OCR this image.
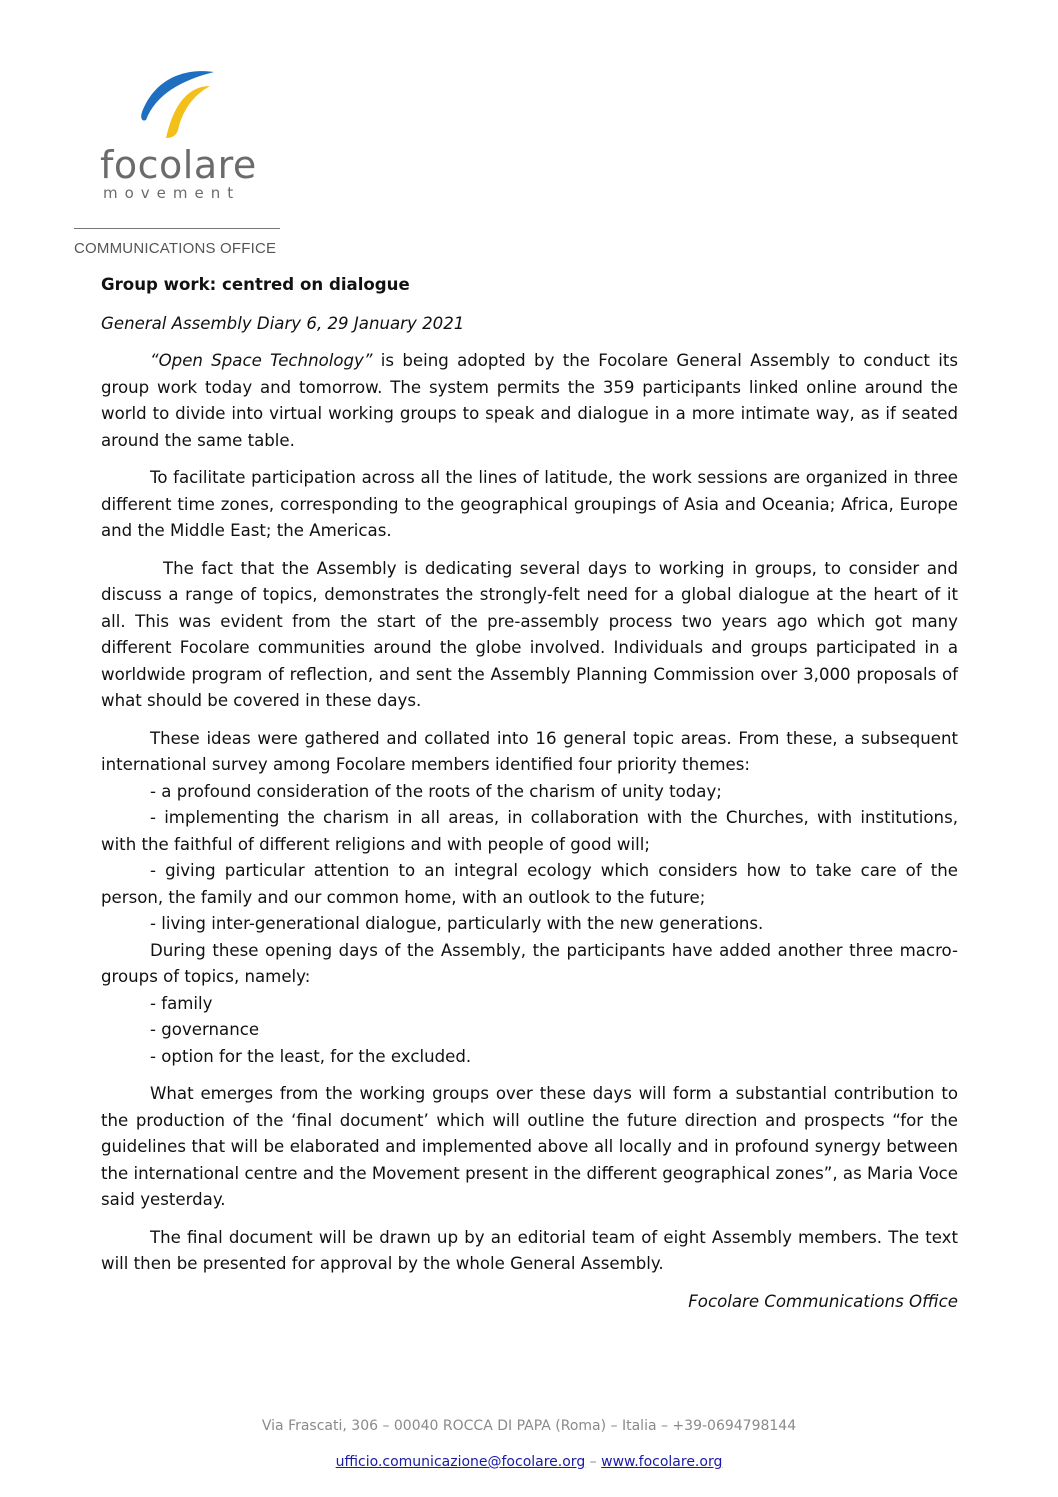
focolare
movement
COMMUNICATIONS OFFICE
Group work: centred on dialogue
General Assembly Diary 6, 29 January 2021

“Open Space Technology” is being adopted by the Focolare General Assembly to conduct its group work today and tomorrow. The system permits the 359 participants linked online around the world to divide into virtual working groups to speak and dialogue in a more intimate way, as if seated around the same table.

To facilitate participation across all the lines of latitude, the work sessions are organized in three different time zones, corresponding to the geographical groupings of Asia and Oceania; Africa, Europe and the Middle East; the Americas.

The fact that the Assembly is dedicating several days to working in groups, to consider and discuss a range of topics, demonstrates the strongly-felt need for a global dialogue at the heart of it all. This was evident from the start of the pre-assembly process two years ago which got many different Focolare communities around the globe involved. Individuals and groups participated in a worldwide program of reflection, and sent the Assembly Planning Commission over 3,000 proposals of what should be covered in these days.

These ideas were gathered and collated into 16 general topic areas. From these, a subsequent international survey among Focolare members identified four priority themes:

- a profound consideration of the roots of the charism of unity today;

- implementing the charism in all areas, in collaboration with the Churches, with institutions, with the faithful of different religions and with people of good will;

- giving particular attention to an integral ecology which considers how to take care of the person, the family and our common home, with an outlook to the future;

- living inter-generational dialogue, particularly with the new generations.

During these opening days of the Assembly, the participants have added another three macro-groups of topics, namely:

- family

- governance

- option for the least, for the excluded.

What emerges from the working groups over these days will form a substantial contribution to the production of the ‘final document’ which will outline the future direction and prospects “for the guidelines that will be elaborated and implemented above all locally and in profound synergy between the international centre and the Movement present in the different geographical zones”, as Maria Voce said yesterday.

The final document will be drawn up by an editorial team of eight Assembly members. The text will then be presented for approval by the whole General Assembly.

Focolare Communications Office
Via Frascati, 306 – 00040 ROCCA DI PAPA (Roma) – Italia – +39-0694798144
ufficio.comunicazione@focolare.org – www.focolare.org
